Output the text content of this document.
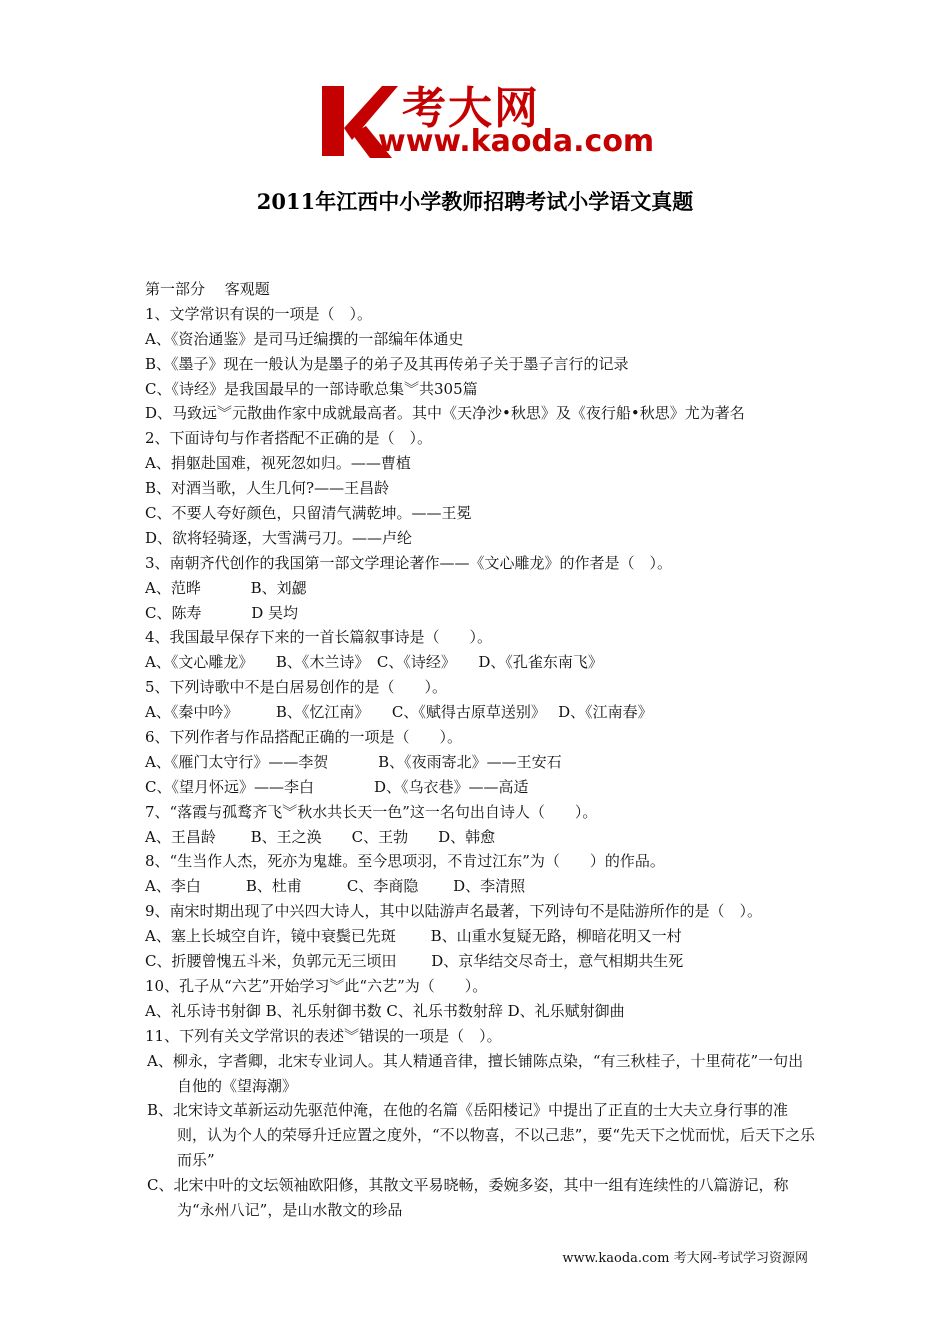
考大网
www.kaoda.com
2011年江西中小学教师招聘考试小学语文真题
第一部分　 客观题
1、文学常识有误的一项是（　）。
A、《资治通鉴》是司马迁编撰的一部编年体通史
B、《墨子》现在一般认为是墨子的弟子及其再传弟子关于墨子言行的记录
C、《诗经》是我国最早的一部诗歌总集︾共305篇
D、马致远︾元散曲作家中成就最高者。其中《天净沙•秋思》及《夜行船•秋思》尤为著名
2、下面诗句与作者搭配不正确的是（　）。
A、捐躯赴国难，视死忽如归。——曹植
B、对酒当歌，人生几何?——王昌龄
C、不要人夸好颜色，只留清气满乾坤。——王冕
D、欲将轻骑逐，大雪满弓刀。——卢纶
3、南朝齐代创作的我国第一部文学理论著作——《文心雕龙》的作者是（　）。
A、范晔　　　 B、刘勰
C、陈寿　　　 D 吴均
4、我国最早保存下来的一首长篇叙事诗是（　　）。
A、《文心雕龙》　　B、《木兰诗》　C、《诗经》　　D、《孔雀东南飞》
5、下列诗歌中不是白居易创作的是（　　）。
A、《秦中吟》　　　B、《忆江南》　　C、《赋得古原草送别》　 D、《江南春》
6、下列作者与作品搭配正确的一项是（　　）。
A、《雁门太守行》——李贺　　　 B、《夜雨寄北》——王安石
C、《望月怀远》——李白　　　　D、《乌衣巷》——高适
7、“落霞与孤鹜齐飞︾秋水共长天一色”这一名句出自诗人（　　）。
A、王昌龄　　 B、王之涣　　C、王勃　　D、韩愈
8、“生当作人杰，死亦为鬼雄。至今思项羽，不肯过江东”为（　　）的作品。
A、李白　　　B、杜甫　　　C、李商隐　　 D、李清照
9、南宋时期出现了中兴四大诗人，其中以陆游声名最著，下列诗句不是陆游所作的是（　）。
A、塞上长城空自许，镜中衰鬓已先斑　　 B、山重水复疑无路，柳暗花明又一村
C、折腰曾愧五斗米，负郭元无三顷田　　 D、京华结交尽奇士，意气相期共生死
10、孔子从“六艺”开始学习︾此“六艺”为（　　）。
A、礼乐诗书射御 B、礼乐射御书数 C、礼乐书数射辞 D、礼乐赋射御曲
11、下列有关文学常识的表述︾错误的一项是（　）。
A、柳永，字耆卿，北宋专业词人。其人精通音律，擅长铺陈点染，“有三秋桂子，十里荷花”一句出自他的《望海潮》
B、北宋诗文革新运动先驱范仲淹，在他的名篇《岳阳楼记》中提出了正直的士大夫立身行事的准则，认为个人的荣辱升迁应置之度外，“不以物喜，不以己悲”，要“先天下之忧而忧，后天下之乐而乐”
C、北宋中叶的文坛领袖欧阳修，其散文平易晓畅，委婉多姿，其中一组有连续性的八篇游记，称为“永州八记”，是山水散文的珍品
www.kaoda.com 考大网-考试学习资源网
